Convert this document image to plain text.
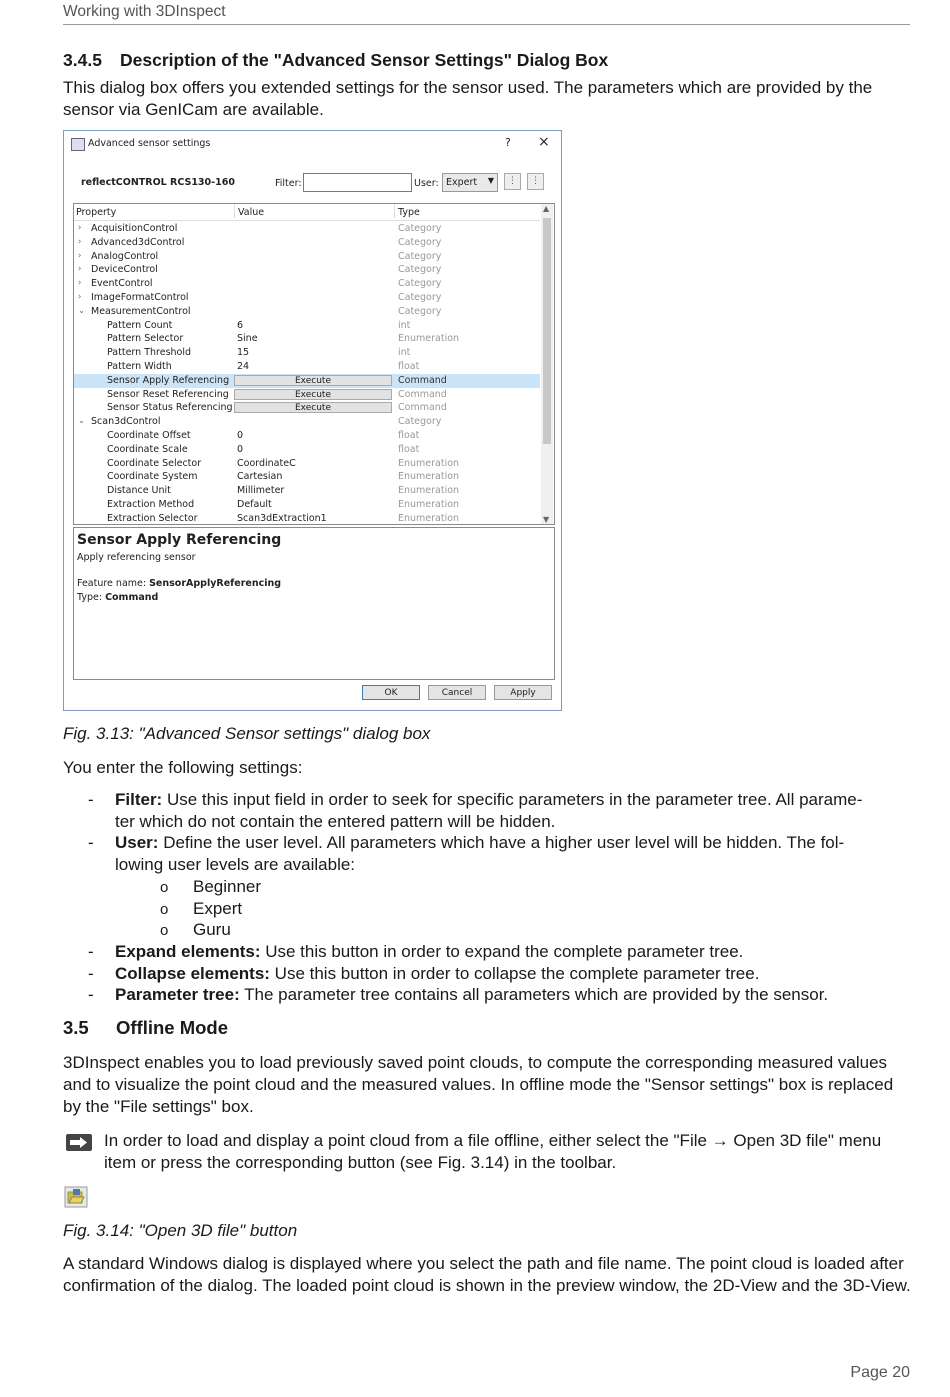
Working with 3DInspect
3.4.5 Description of the "Advanced Sensor Settings" Dialog Box
This dialog box offers you extended settings for the sensor used. The parameters which are provided by the sensor via GenICam are available.
Advanced sensor settings	? ×
reflectCONTROL RCS130-160	Filter:	User: Expert ▼	⋮	⋮
Property	Value	Type
› AcquisitionControl	Category
› Advanced3dControl	Category
› AnalogControl	Category
› DeviceControl	Category
› EventControl	Category
› ImageFormatControl	Category
⌄ MeasurementControl	Category
Pattern Count	6	int
Pattern Selector	Sine	Enumeration
Pattern Threshold	15	int
Pattern Width	24	float
Sensor Apply Referencing	Execute	Command
Sensor Reset Referencing	Execute	Command
Sensor Status Referencing	Execute	Command
⌄ Scan3dControl	Category
Coordinate Offset	0	float
Coordinate Scale	0	float
Coordinate Selector	CoordinateC	Enumeration
Coordinate System	Cartesian	Enumeration
Distance Unit	Millimeter	Enumeration
Extraction Method	Default	Enumeration
Extraction Selector	Scan3dExtraction1	Enumeration
▲
▼
Sensor Apply Referencing
Apply referencing sensor
Feature name: SensorApplyReferencing
Type: Command
OK	Cancel	Apply
Fig. 3.13: "Advanced Sensor settings" dialog box
You enter the following settings:
- Filter: Use this input field in order to seek for specific parameters in the parameter tree. All parame-
ter which do not contain the entered pattern will be hidden.
- User: Define the user level. All parameters which have a higher user level will be hidden. The fol-
lowing user levels are available:
o Beginner
o Expert
o Guru
- Expand elements: Use this button in order to expand the complete parameter tree.
- Collapse elements: Use this button in order to collapse the complete parameter tree.
- Parameter tree: The parameter tree contains all parameters which are provided by the sensor.
3.5 Offline Mode
3DInspect enables you to load previously saved point clouds, to compute the corresponding measured values and to visualize the point cloud and the measured values. In offline mode the "Sensor settings" box is replaced by the "File settings" box.
In order to load and display a point cloud from a file offline, either select the "File → Open 3D file" menu item or press the corresponding button (see Fig. 3.14) in the toolbar.
Fig. 3.14: "Open 3D file" button
A standard Windows dialog is displayed where you select the path and file name. The point cloud is loaded after confirmation of the dialog. The loaded point cloud is shown in the preview window, the 2D-View and the 3D-View.
Page 20
